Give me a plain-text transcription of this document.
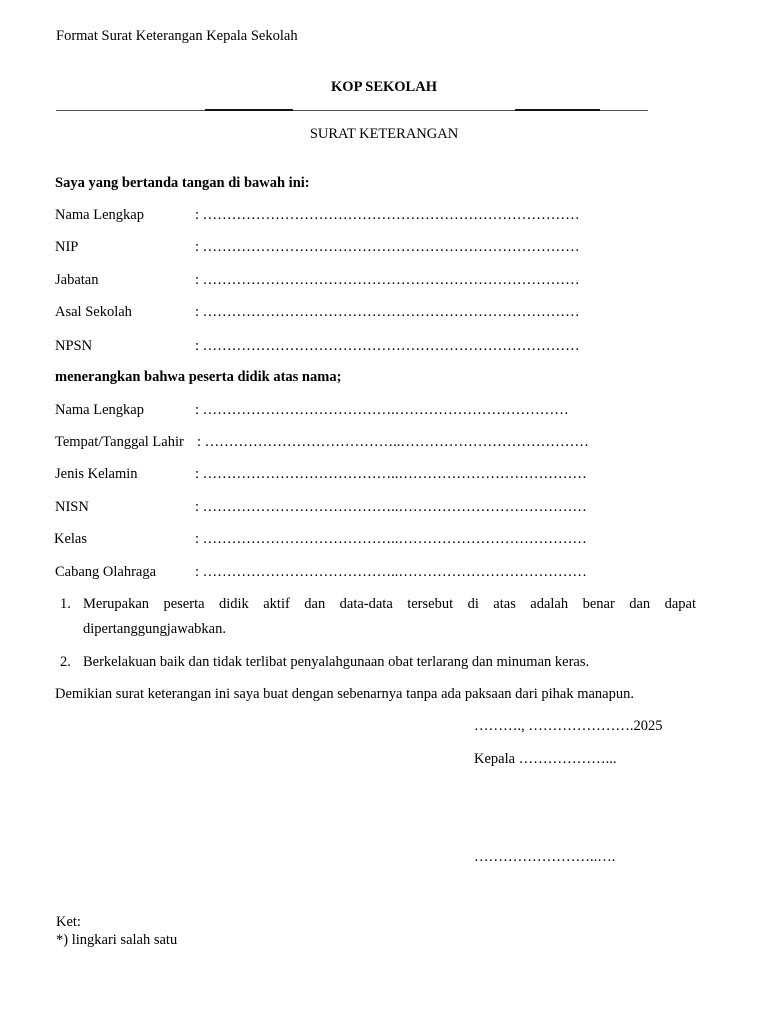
Format Surat Keterangan Kepala Sekolah
KOP SEKOLAH
SURAT KETERANGAN
Saya yang bertanda tangan di bawah ini:
Nama Lengkap	: ……………………………………………………………………
NIP	: ……………………………………………………………………
Jabatan	: ……………………………………………………………………
Asal Sekolah	: ……………………………………………………………………
NPSN	: ……………………………………………………………………
menerangkan bahwa peserta didik atas nama;
Nama Lengkap	: ………………………………….………………………………
Tempat/Tanggal Lahir : …………………………………..…………………………………
Jenis Kelamin	: …………………………………..…………………………………
NISN	: …………………………………..…………………………………
Kelas	: …………………………………..…………………………………
Cabang Olahraga	: …………………………………..…………………………………
1. Merupakan peserta didik aktif dan data-data tersebut di atas adalah benar dan dapat
dipertanggungjawabkan.
2. Berkelakuan baik dan tidak terlibat penyalahgunaan obat terlarang dan minuman keras.
Demikian surat keterangan ini saya buat dengan sebenarnya tanpa ada paksaan dari pihak manapun.
………., ………………….2025
Kepala ………………...
……………………..….
Ket:
*) lingkari salah satu
